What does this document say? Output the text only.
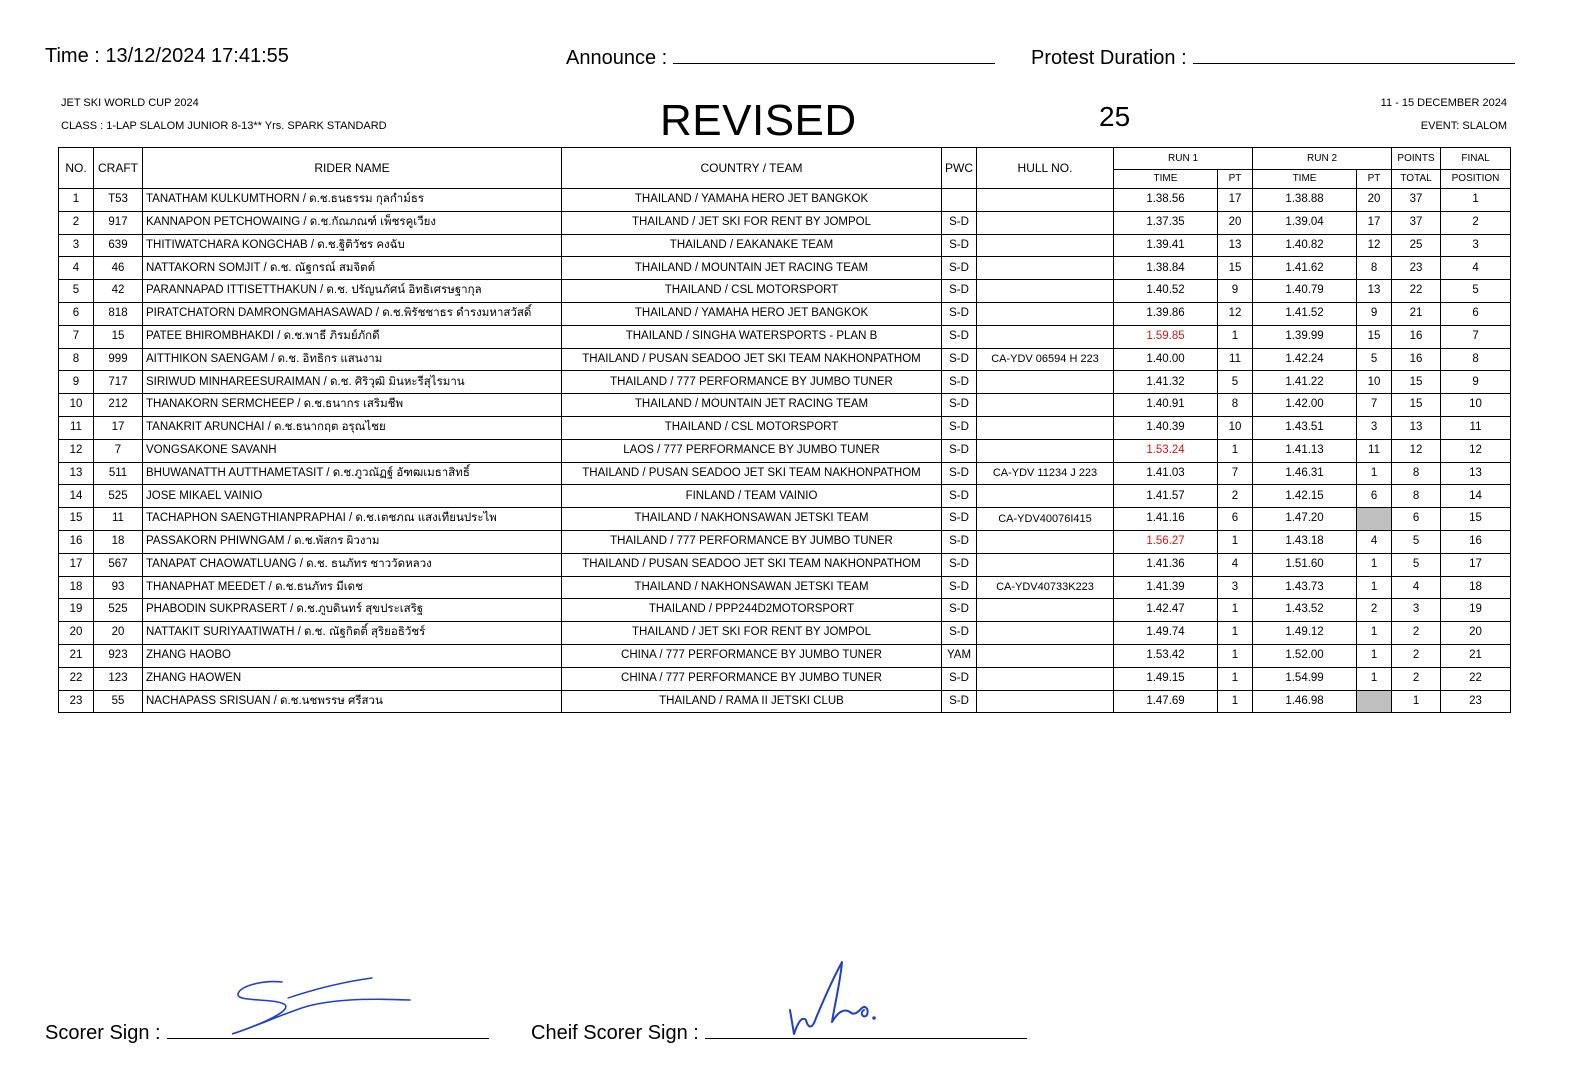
Time : 13/12/2024 17:41:55	Announce :	Protest Duration :
JET SKI WORLD CUP 2024
CLASS : 1-LAP SLALOM JUNIOR 8-13** Yrs. SPARK STANDARD	REVISED	25	11 - 15 DECEMBER 2024
EVENT: SLALOM
NO.	CRAFT	RIDER NAME	COUNTRY / TEAM	PWC	HULL NO.	RUN 1		RUN 2		POINTS	FINAL
						TIME	PT	TIME	PT	TOTAL	POSITION
1	T53	TANATHAM KULKUMTHORN / ด.ช.ธนธรรม กุลกำม์ธร	THAILAND / YAMAHA HERO JET BANGKOK			1.38.56	17	1.38.88	20	37	1
2	917	KANNAPON PETCHOWAING / ด.ช.กัณภณฑ์ เพ็ชรคูเวียง	THAILAND / JET SKI FOR RENT BY JOMPOL	S-D		1.37.35	20	1.39.04	17	37	2
3	639	THITIWATCHARA KONGCHAB / ด.ช.ฐิติวัชร คงฉับ	THAILAND / EAKANAKE TEAM	S-D		1.39.41	13	1.40.82	12	25	3
4	46	NATTAKORN SOMJIT / ด.ช. ณัฐกรณ์ สมจิตต์	THAILAND / MOUNTAIN JET RACING TEAM	S-D		1.38.84	15	1.41.62	8	23	4
5	42	PARANNAPAD ITTISETTHAKUN / ด.ช. ปรัญนภัศน์ อิทธิเศรษฐากุล	THAILAND / CSL MOTORSPORT	S-D		1.40.52	9	1.40.79	13	22	5
6	818	PIRATCHATORN DAMRONGMAHASAWAD / ด.ช.พิรัชชาธร ดำรงมหาสวัสดิ์	THAILAND / YAMAHA HERO JET BANGKOK	S-D		1.39.86	12	1.41.52	9	21	6
7	15	PATEE BHIROMBHAKDI / ด.ช.พาธี ภิรมย์ภักดี	THAILAND / SINGHA WATERSPORTS - PLAN B	S-D		1.59.85	1	1.39.99	15	16	7
8	999	AITTHIKON SAENGAM / ด.ช. อิทธิกร แสนงาม	THAILAND / PUSAN SEADOO JET SKI TEAM NAKHONPATHOM	S-D	CA-YDV 06594 H 223	1.40.00	11	1.42.24	5	16	8
9	717	SIRIWUD MINHAREESURAIMAN / ด.ช. ศิริวุฒิ มินหะรีสุไรมาน	THAILAND / 777 PERFORMANCE BY JUMBO TUNER	S-D		1.41.32	5	1.41.22	10	15	9
10	212	THANAKORN SERMCHEEP / ด.ช.ธนากร เสริมชีพ	THAILAND / MOUNTAIN JET RACING TEAM	S-D		1.40.91	8	1.42.00	7	15	10
11	17	TANAKRIT ARUNCHAI / ด.ช.ธนากฤต อรุณไชย	THAILAND / CSL MOTORSPORT	S-D		1.40.39	10	1.43.51	3	13	11
12	7	VONGSAKONE SAVANH	LAOS / 777 PERFORMANCE BY JUMBO TUNER	S-D		1.53.24	1	1.41.13	11	12	12
13	511	BHUWANATTH AUTTHAMETASIT / ด.ช.ภูวณัฏฐ์ อัฑฒเมธาสิทธิ์	THAILAND / PUSAN SEADOO JET SKI TEAM NAKHONPATHOM	S-D	CA-YDV 11234 J 223	1.41.03	7	1.46.31	1	8	13
14	525	JOSE MIKAEL VAINIO	FINLAND / TEAM VAINIO	S-D		1.41.57	2	1.42.15	6	8	14
15	11	TACHAPHON SAENGTHIANPRAPHAI / ด.ช.เตชภณ แสงเทียนประไพ	THAILAND / NAKHONSAWAN JETSKI TEAM	S-D	CA-YDV40076I415	1.41.16	6	1.47.20		6	15
16	18	PASSAKORN PHIWNGAM / ด.ช.พัสกร ผิวงาม	THAILAND / 777 PERFORMANCE BY JUMBO TUNER	S-D		1.56.27	1	1.43.18	4	5	16
17	567	TANAPAT CHAOWATLUANG / ด.ช. ธนภัทร ชาววัดหลวง	THAILAND / PUSAN SEADOO JET SKI TEAM NAKHONPATHOM	S-D		1.41.36	4	1.51.60	1	5	17
18	93	THANAPHAT MEEDET / ด.ช.ธนภัทร มีเดช	THAILAND / NAKHONSAWAN JETSKI TEAM	S-D	CA-YDV40733K223	1.41.39	3	1.43.73	1	4	18
19	525	PHABODIN SUKPRASERT / ด.ช.ภูบดินทร์ สุขประเสริฐ	THAILAND / PPP244D2MOTORSPORT	S-D		1.42.47	1	1.43.52	2	3	19
20	20	NATTAKIT SURIYAATIWATH / ด.ช. ณัฐกิตติ์ สุริยอธิวัชร์	THAILAND / JET SKI FOR RENT BY JOMPOL	S-D		1.49.74	1	1.49.12	1	2	20
21	923	ZHANG HAOBO	CHINA / 777 PERFORMANCE BY JUMBO TUNER	YAM		1.53.42	1	1.52.00	1	2	21
22	123	ZHANG HAOWEN	CHINA / 777 PERFORMANCE BY JUMBO TUNER	S-D		1.49.15	1	1.54.99	1	2	22
23	55	NACHAPASS SRISUAN / ด.ช.นชพรรษ ศรีสวน	THAILAND / RAMA II JETSKI CLUB	S-D		1.47.69	1	1.46.98		1	23
Scorer Sign :	Cheif Scorer Sign :
